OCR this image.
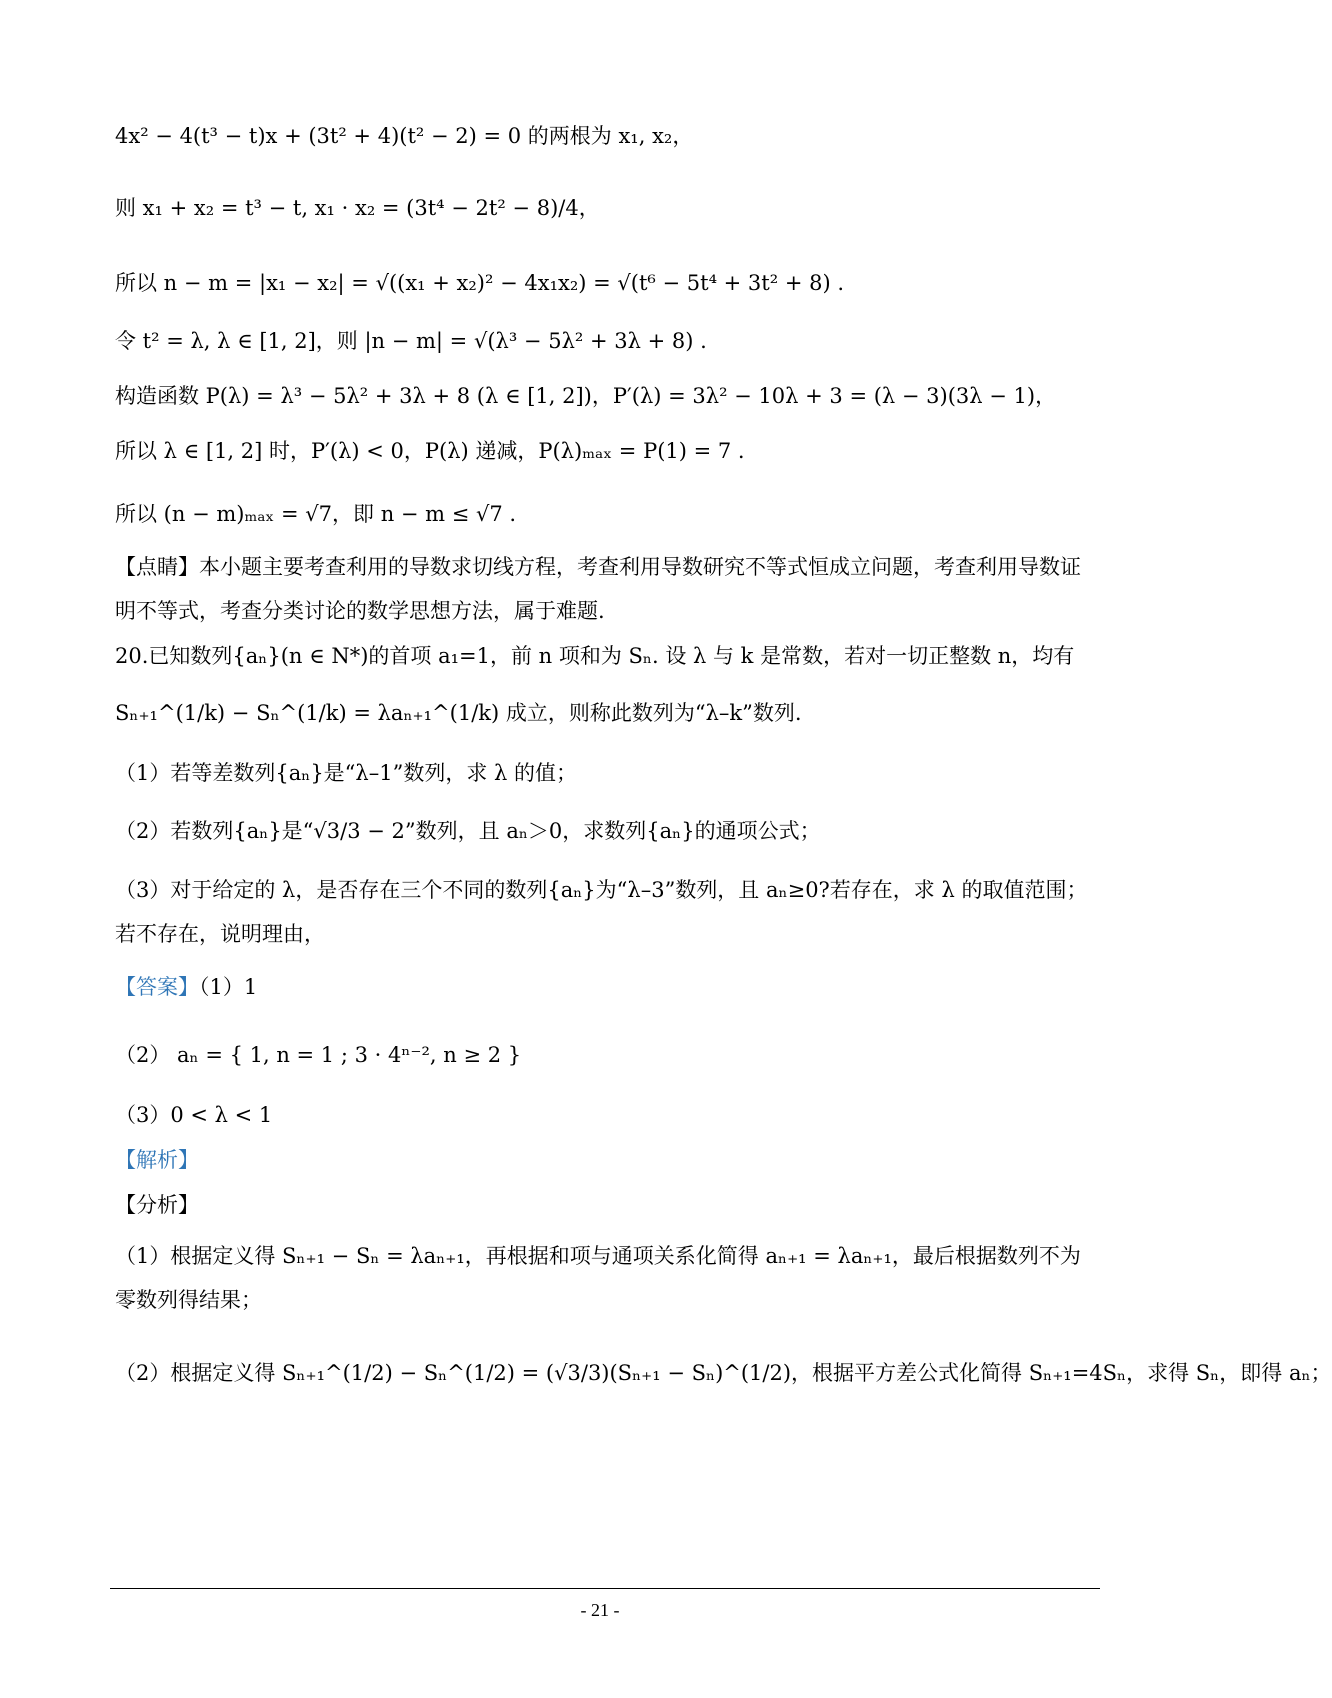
4x² − 4(t³ − t)x + (3t² + 4)(t² − 2) = 0 的两根为 x₁, x₂，
则 x₁ + x₂ = t³ − t, x₁ · x₂ = (3t⁴ − 2t² − 8)/4，
所以 n − m = |x₁ − x₂| = √((x₁ + x₂)² − 4x₁x₂) = √(t⁶ − 5t⁴ + 3t² + 8) .
令 t² = λ, λ ∈ [1, 2]，则 |n − m| = √(λ³ − 5λ² + 3λ + 8) .
构造函数 P(λ) = λ³ − 5λ² + 3λ + 8 (λ ∈ [1, 2])，P′(λ) = 3λ² − 10λ + 3 = (λ − 3)(3λ − 1)，
所以 λ ∈ [1, 2] 时，P′(λ) < 0，P(λ) 递减，P(λ)ₘₐₓ = P(1) = 7 .
所以 (n − m)ₘₐₓ = √7，即 n − m ≤ √7 .
【点睛】本小题主要考查利用的导数求切线方程，考查利用导数研究不等式恒成立问题，考查利用导数证明不等式，考查分类讨论的数学思想方法，属于难题.
20.已知数列{aₙ}(n ∈ N*)的首项 a₁=1，前 n 项和为 Sₙ. 设 λ 与 k 是常数，若对一切正整数 n，均有
Sₙ₊₁^(1/k) − Sₙ^(1/k) = λaₙ₊₁^(1/k) 成立，则称此数列为“λ–k”数列.
（1）若等差数列{aₙ}是“λ–1”数列，求 λ 的值；
（2）若数列{aₙ}是“√3/3 − 2”数列，且 aₙ＞0，求数列{aₙ}的通项公式；
（3）对于给定的 λ，是否存在三个不同的数列{aₙ}为“λ–3”数列，且 aₙ≥0?若存在，求 λ 的取值范围；若不存在，说明理由，
【答案】（1）1
（2） aₙ = { 1, n = 1 ; 3 · 4ⁿ⁻², n ≥ 2 }
（3）0 < λ < 1
【解析】
【分析】
（1）根据定义得 Sₙ₊₁ − Sₙ = λaₙ₊₁，再根据和项与通项关系化简得 aₙ₊₁ = λaₙ₊₁，最后根据数列不为零数列得结果；
（2）根据定义得 Sₙ₊₁^(1/2) − Sₙ^(1/2) = (√3/3)(Sₙ₊₁ − Sₙ)^(1/2)，根据平方差公式化简得 Sₙ₊₁=4Sₙ，求得 Sₙ，即得 aₙ；
- 21 -
